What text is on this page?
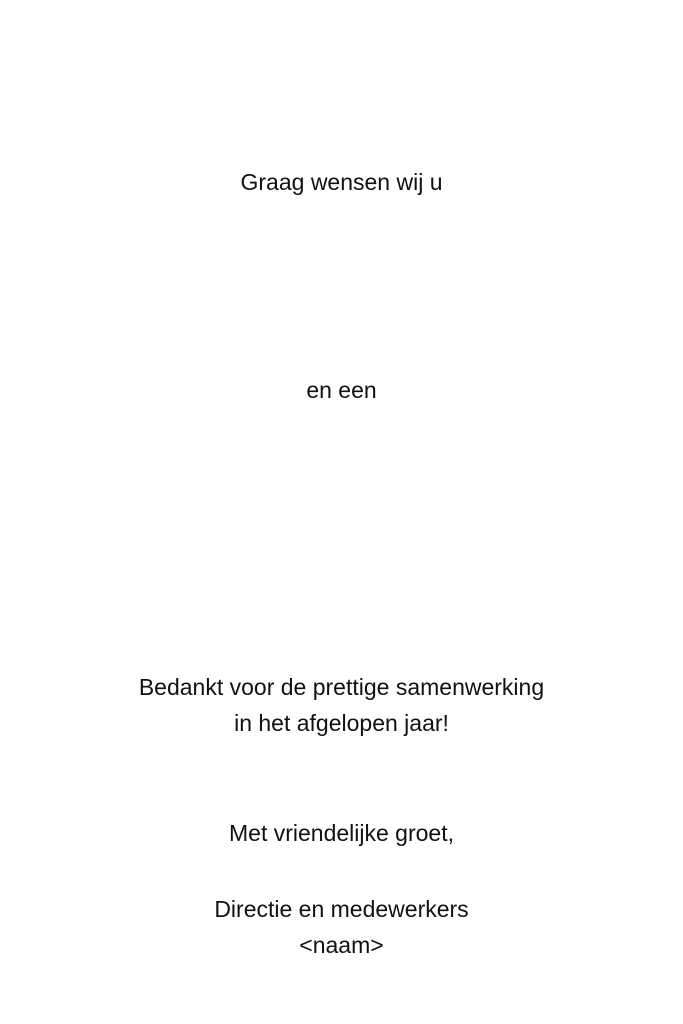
Graag wensen wij u
en een
Bedankt voor de prettige samenwerking
in het afgelopen jaar!
Met vriendelijke groet,
Directie en medewerkers
<naam>
